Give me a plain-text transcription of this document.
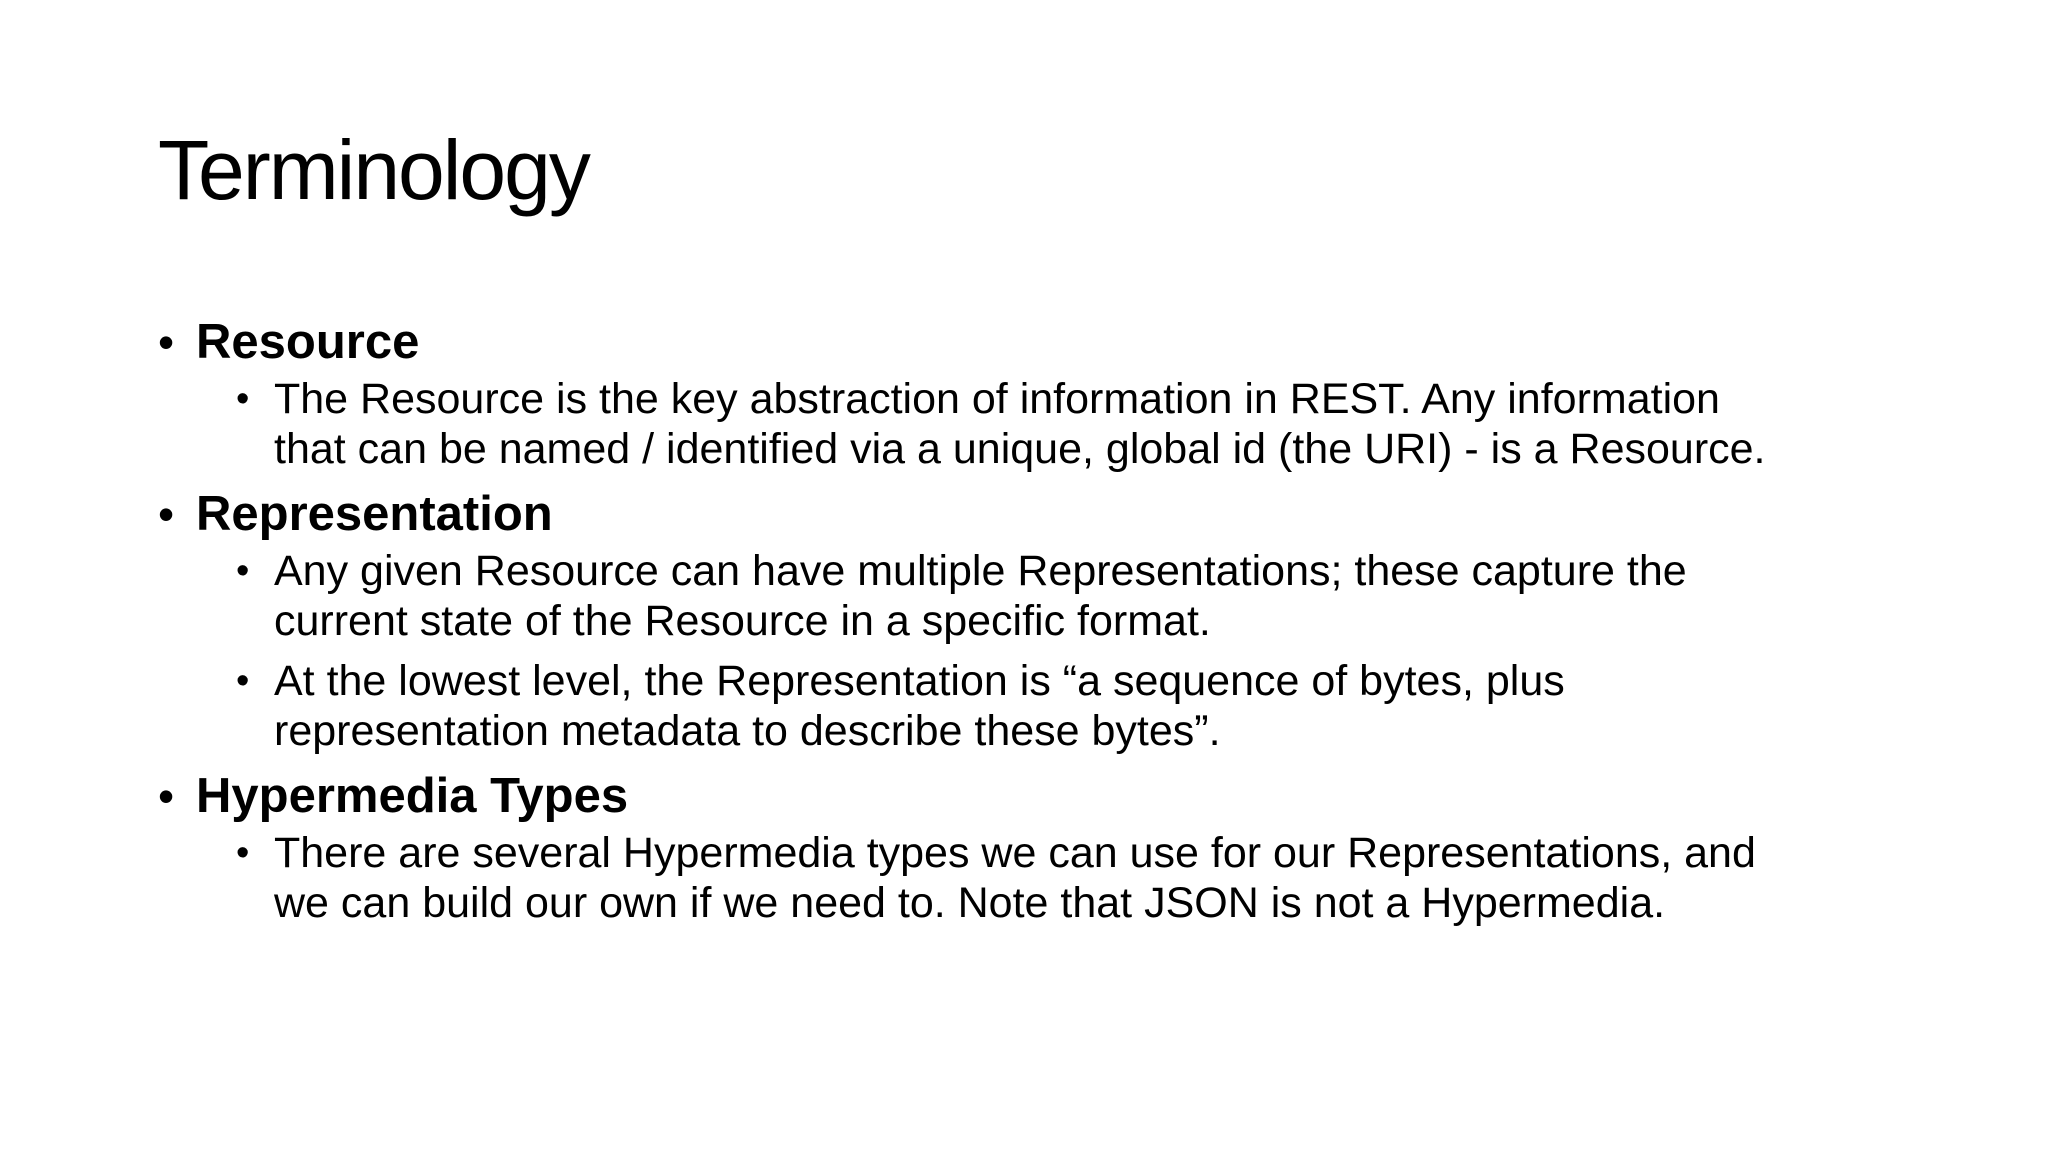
Terminology
• Resource
• The Resource is the key abstraction of information in REST. Any information
that can be named / identified via a unique, global id (the URI) - is a Resource.
• Representation
• Any given Resource can have multiple Representations; these capture the
current state of the Resource in a specific format.
• At the lowest level, the Representation is “a sequence of bytes, plus
representation metadata to describe these bytes”.
• Hypermedia Types
• There are several Hypermedia types we can use for our Representations, and
we can build our own if we need to. Note that JSON is not a Hypermedia.
